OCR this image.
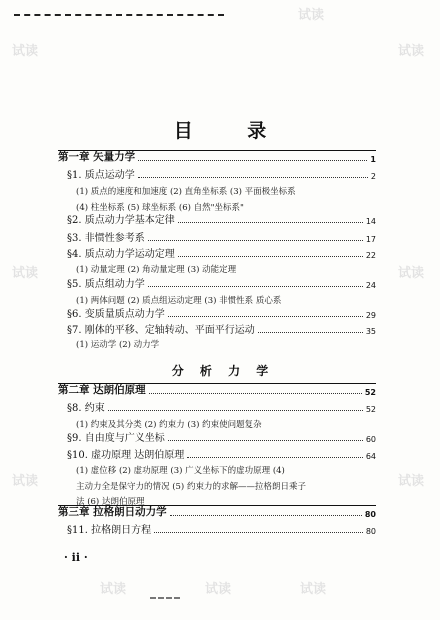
目 录
第一章 矢量力学	1
§1. 质点运动学	2
(1) 质点的速度和加速度 (2) 直角坐标系 (3) 平面极坐标系
(4) 柱坐标系 (5) 球坐标系 (6) 自然"坐标系"
§2. 质点动力学基本定律	14
§3. 非惯性参考系	17
§4. 质点动力学运动定理	22
(1) 动量定理 (2) 角动量定理 (3) 动能定理
§5. 质点组动力学	24
(1) 两体问题 (2) 质点组运动定理 (3) 非惯性系 质心系
§6. 变质量质点动力学	29
§7. 刚体的平移、定轴转动、平面平行运动	35
(1) 运动学 (2) 动力学
分 析 力 学
第二章 达朗伯原理	52
§8. 约束	52
(1) 约束及其分类 (2) 约束力 (3) 约束使问题复杂
§9. 自由度与广义坐标	60
§10. 虚功原理 达朗伯原理	64
(1) 虚位移 (2) 虚功原理 (3) 广义坐标下的虚功原理 (4)
主动力全是保守力的情况 (5) 约束力的求解——拉格朗日乘子
法 (6) 达朗伯原理
第三章 拉格朗日动力学	80
§11. 拉格朗日方程	80
· ii ·
试读
试读	试读
试读	试读
试读	试读
试读	试读
试读
